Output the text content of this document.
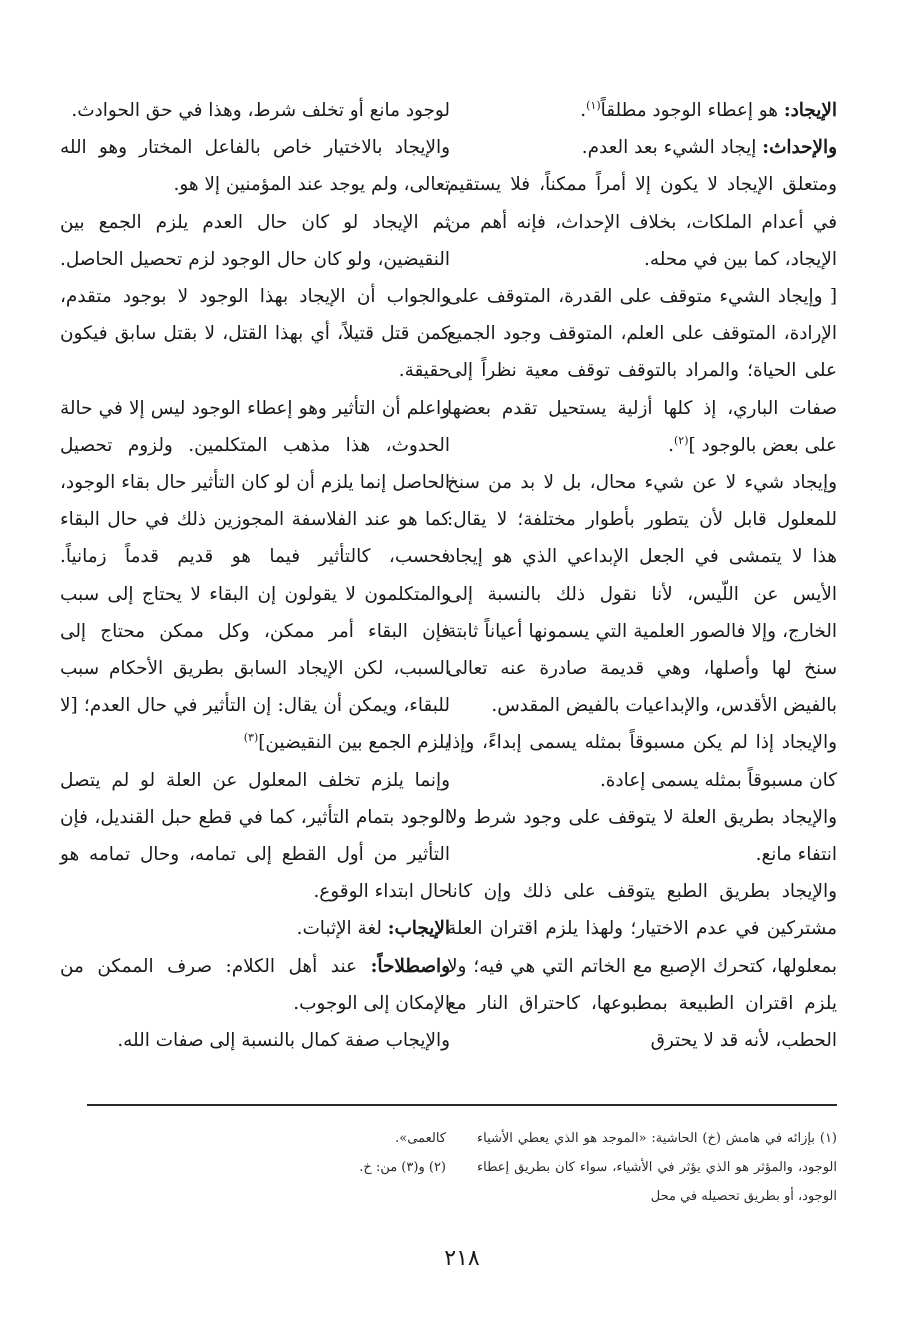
الإيجاد: هو إعطاء الوجود مطلقاً$^{(١)}$.

والإحداث: إيجاد الشيء بعد العدم.

ومتعلق الإيجاد لا يكون إلا أمراً ممكناً، فلا يستقيم في أعدام الملكات، بخلاف الإحداث، فإنه أهم من الإيجاد، كما بين في محله.

[ وإيجاد الشيء متوقف على القدرة، المتوقف على الإرادة، المتوقف على العلم، المتوقف وجود الجميع على الحياة؛ والمراد بالتوقف توقف معية نظراً إلى صفات الباري، إذ كلها أزلية يستحيل تقدم بعضها على بعض بالوجود ]$^{(٢)}$.

وإيجاد شيء لا عن شيء محال، بل لا بد من سنخ للمعلول قابل لأن يتطور بأطوار مختلفة؛ لا يقال: هذا لا يتمشى في الجعل الإبداعي الذي هو إيجاد الأيس عن اللّيس، لأنا نقول ذلك بالنسبة إلى الخارج، وإلا فالصور العلمية التي يسمونها أعياناً ثابتة سنخ لها وأصلها، وهي قديمة صادرة عنه تعالى بالفيض الأقدس، والإبداعيات بالفيض المقدس.

والإيجاد إذا لم يكن مسبوقاً بمثله يسمى إبداءً، وإذا كان مسبوقاً بمثله يسمى إعادة.

والإيجاد بطريق العلة لا يتوقف على وجود شرط ولا انتفاء مانع.

والإيجاد بطريق الطبع يتوقف على ذلك وإن كانا مشتركين في عدم الاختيار؛ ولهذا يلزم اقتران العلة بمعلولها، كتحرك الإصبع مع الخاتم التي هي فيه؛ ولا يلزم اقتران الطبيعة بمطبوعها، كاحتراق النار مع الحطب، لأنه قد لا يحترق

لوجود مانع أو تخلف شرط، وهذا في حق الحوادث.

والإيجاد بالاختيار خاص بالفاعل المختار وهو الله تعالى، ولم يوجد عند المؤمنين إلا هو.

ثم الإيجاد لو كان حال العدم يلزم الجمع بين النقيضين، ولو كان حال الوجود لزم تحصيل الحاصل. والجواب أن الإيجاد بهذا الوجود لا بوجود متقدم، كمن قتل قتيلاً، أي بهذا القتل، لا بقتل سابق فيكون حقيقة.

واعلم أن التأثير وهو إعطاء الوجود ليس إلا في حالة الحدوث، هذا مذهب المتكلمين. ولزوم تحصيل الحاصل إنما يلزم أن لو كان التأثير حال بقاء الوجود، كما هو عند الفلاسفة المجوزين ذلك في حال البقاء فحسب، كالتأثير فيما هو قديم قدماً زمانياً. والمتكلمون لا يقولون إن البقاء لا يحتاج إلى سبب فإن البقاء أمر ممكن، وكل ممكن محتاج إلى السبب، لكن الإيجاد السابق بطريق الأحكام سبب للبقاء، ويمكن أن يقال: إن التأثير في حال العدم؛ [لا يلزم الجمع بين النقيضين]$^{(٣)}$

وإنما يلزم تخلف المعلول عن العلة لو لم يتصل الوجود بتمام التأثير، كما في قطع حبل القنديل، فإن التأثير من أول القطع إلى تمامه، وحال تمامه هو حال ابتداء الوقوع.

الإيجاب: لغة الإثبات.

واصطلاحاً: عند أهل الكلام: صرف الممكن من الإمكان إلى الوجوب.

والإيجاب صفة كمال بالنسبة إلى صفات الله.

(١) بإزائه في هامش (خ) الحاشية: «الموجد هو الذي يعطي الأشياء الوجود، والمؤثر هو الذي يؤثر في الأشياء، سواء كان بطريق إعطاء الوجود، أو بطريق تحصيله في محل

كالعمى».

(٢) و(٣) من: خ.

٢١٨
